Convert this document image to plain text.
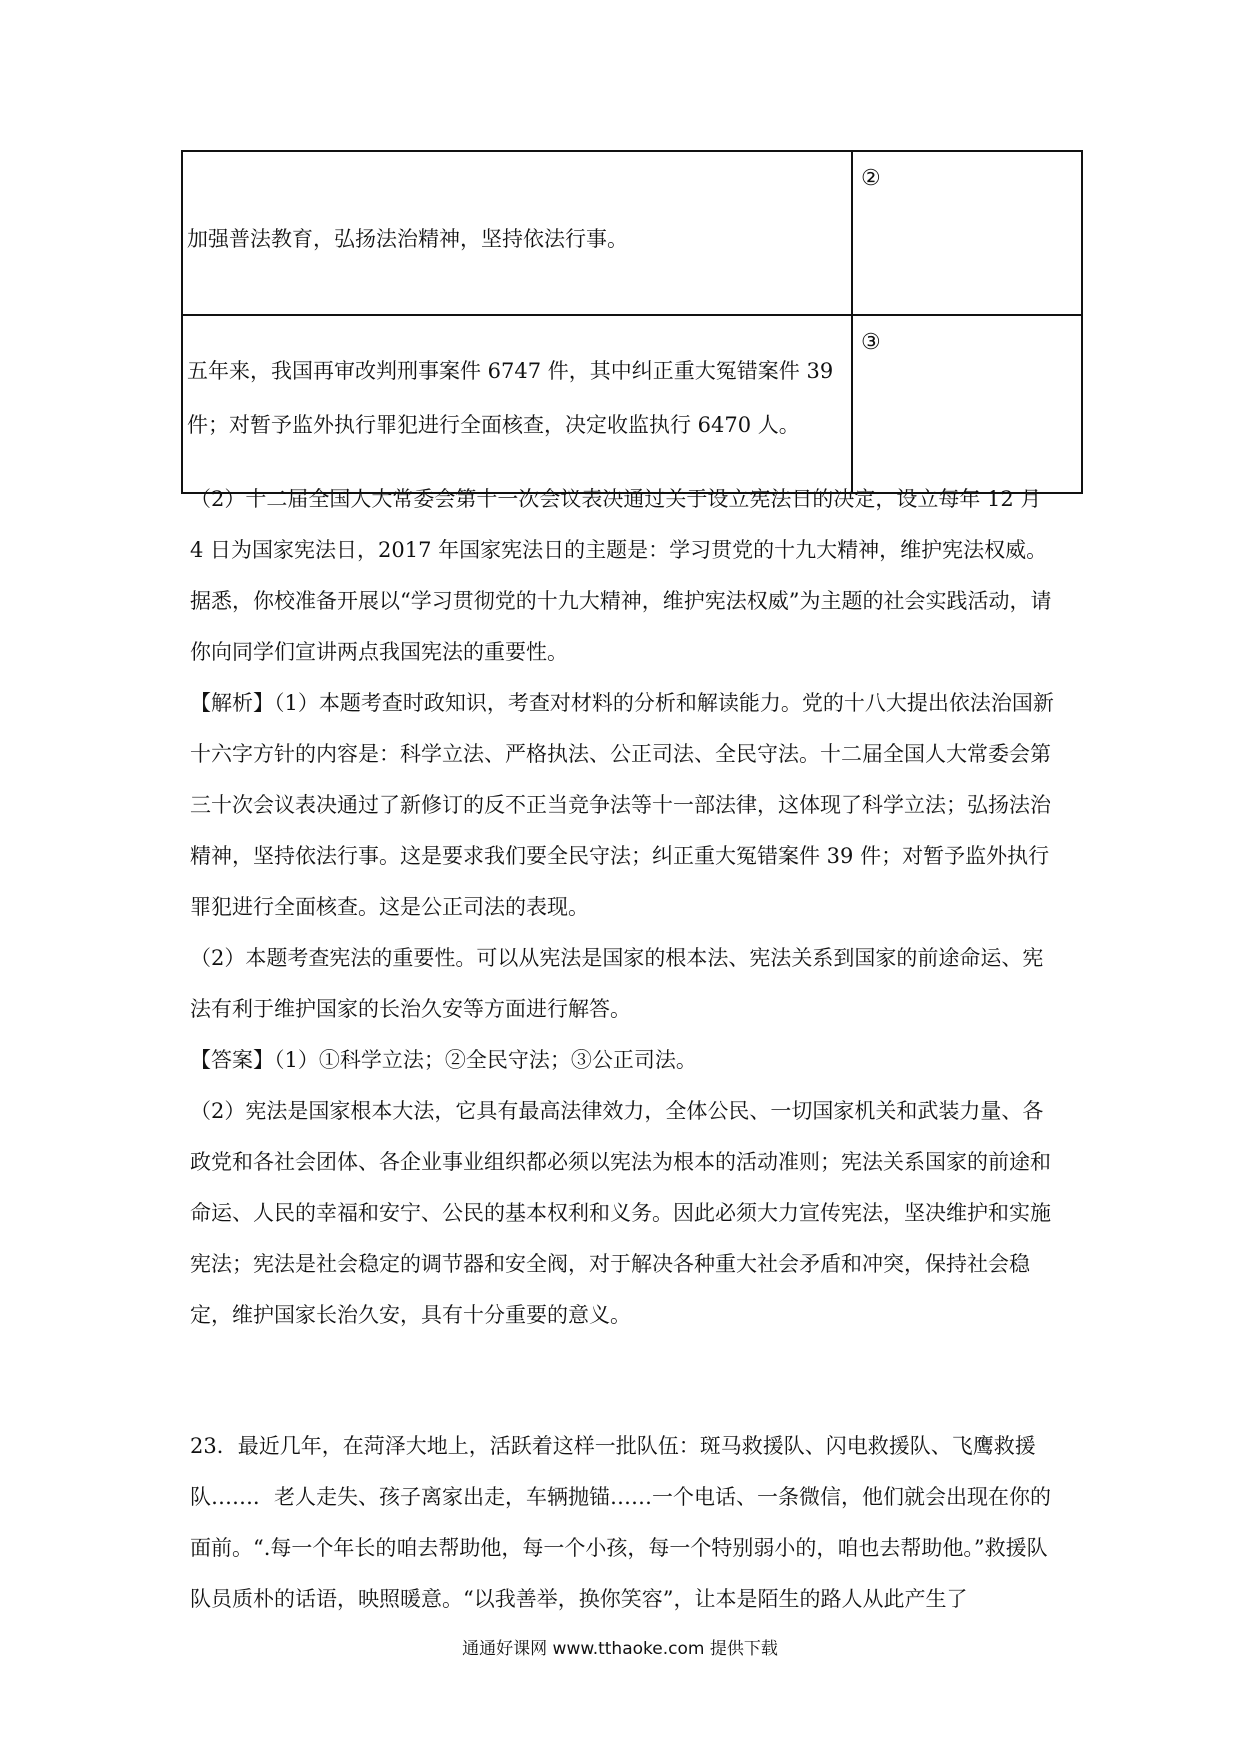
加强普法教育，弘扬法治精神，坚持依法行事。	②

五年来，我国再审改判刑事案件 6747 件，其中纠正重大冤错案件 39 件；对暂予监外执行罪犯进行全面核查，决定收监执行 6470 人。	③

（2）十二届全国人大常委会第十一次会议表决通过关于设立宪法日的决定，设立每年 12 月 4 日为国家宪法日，2017 年国家宪法日的主题是：学习贯党的十九大精神，维护宪法权威。据悉，你校准备开展以“学习贯彻党的十九大精神，维护宪法权威”为主题的社会实践活动，请你向同学们宣讲两点我国宪法的重要性。

【解析】（1）本题考查时政知识，考查对材料的分析和解读能力。党的十八大提出依法治国新十六字方针的内容是：科学立法、严格执法、公正司法、全民守法。十二届全国人大常委会第三十次会议表决通过了新修订的反不正当竞争法等十一部法律，这体现了科学立法；弘扬法治精神，坚持依法行事。这是要求我们要全民守法；纠正重大冤错案件 39 件；对暂予监外执行罪犯进行全面核查。这是公正司法的表现。

（2）本题考查宪法的重要性。可以从宪法是国家的根本法、宪法关系到国家的前途命运、宪法有利于维护国家的长治久安等方面进行解答。

【答案】（1）①科学立法；②全民守法；③公正司法。

（2）宪法是国家根本大法，它具有最高法律效力，全体公民、一切国家机关和武装力量、各政党和各社会团体、各企业事业组织都必须以宪法为根本的活动准则；宪法关系国家的前途和命运、人民的幸福和安宁、公民的基本权利和义务。因此必须大力宣传宪法，坚决维护和实施宪法；宪法是社会稳定的调节器和安全阀，对于解决各种重大社会矛盾和冲突，保持社会稳定，维护国家长治久安，具有十分重要的意义。

23．最近几年，在菏泽大地上，活跃着这样一批队伍：斑马救援队、闪电救援队、飞鹰救援队……．老人走失、孩子离家出走，车辆抛锚……一个电话、一条微信，他们就会出现在你的面前。“.每一个年长的咱去帮助他，每一个小孩，每一个特别弱小的，咱也去帮助他。”救援队队员质朴的话语，映照暖意。“以我善举，换你笑容”，让本是陌生的路人从此产生了

通通好课网 www.tthaoke.com 提供下载
